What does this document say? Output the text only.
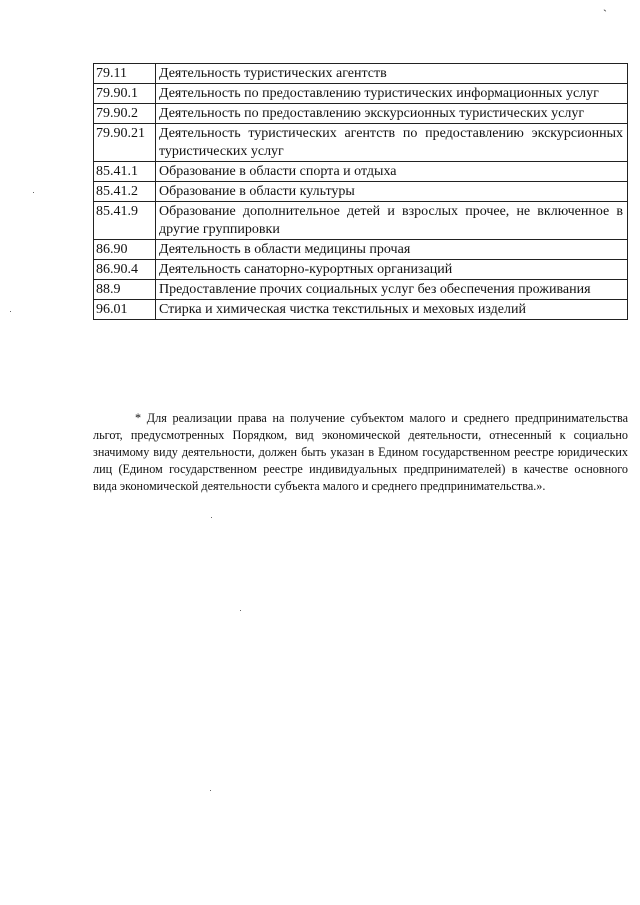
`
79.11	Деятельность туристических агентств
79.90.1	Деятельность по предоставлению туристических информационных услуг
79.90.2	Деятельность по предоставлению экскурсионных туристических услуг
79.90.21	Деятельность туристических агентств по предоставлению экскурсионных туристических услуг
85.41.1	Образование в области спорта и отдыха
85.41.2	Образование в области культуры
85.41.9	Образование дополнительное детей и взрослых прочее, не включенное в другие группировки
86.90	Деятельность в области медицины прочая
86.90.4	Деятельность санаторно-курортных организаций
88.9	Предоставление прочих социальных услуг без обеспечения проживания
96.01	Стирка и химическая чистка текстильных и меховых изделий

* Для реализации права на получение субъектом малого и среднего предпринимательства льгот, предусмотренных Порядком, вид экономической деятельности, отнесенный к социально значимому виду деятельности, должен быть указан в Едином государственном реестре юридических лиц (Едином государственном реестре индивидуальных предпринимателей) в качестве основного вида экономической деятельности субъекта малого и среднего предпринимательства.».
